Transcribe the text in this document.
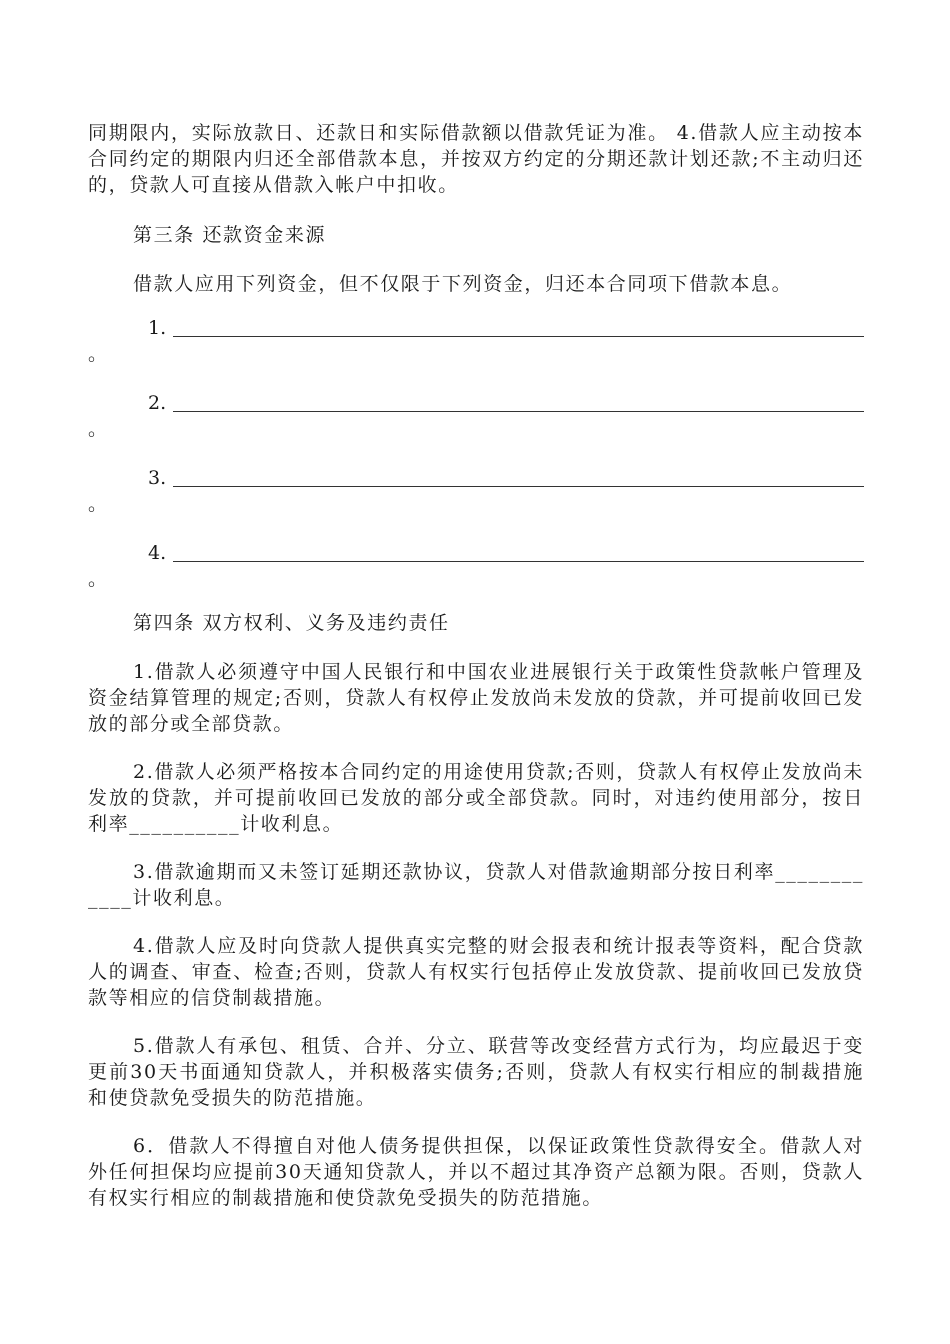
同期限内，实际放款日、还款日和实际借款额以借款凭证为准。 4.借款人应主动按本合同约定的期限内归还全部借款本息，并按双方约定的分期还款计划还款;不主动归还的，贷款人可直接从借款入帐户中扣收。

第三条 还款资金来源

借款人应用下列资金，但不仅限于下列资金，归还本合同项下借款本息。

1.
。
2.
。
3.
。
4.
。

第四条 双方权利、义务及违约责任

1.借款人必须遵守中国人民银行和中国农业进展银行关于政策性贷款帐户管理及资金结算管理的规定;否则，贷款人有权停止发放尚未发放的贷款，并可提前收回已发放的部分或全部贷款。

2.借款人必须严格按本合同约定的用途使用贷款;否则，贷款人有权停止发放尚未发放的贷款，并可提前收回已发放的部分或全部贷款。同时，对违约使用部分，按日利率__________计收利息。

3.借款逾期而又未签订延期还款协议，贷款人对借款逾期部分按日利率____________计收利息。

4.借款人应及时向贷款人提供真实完整的财会报表和统计报表等资料，配合贷款人的调查、审查、检查;否则，贷款人有权实行包括停止发放贷款、提前收回已发放贷款等相应的信贷制裁措施。

5.借款人有承包、租赁、合并、分立、联营等改变经营方式行为，均应最迟于变更前30天书面通知贷款人，并积极落实债务;否则，贷款人有权实行相应的制裁措施和使贷款免受损失的防范措施。

6．借款人不得擅自对他人债务提供担保，以保证政策性贷款得安全。借款人对外任何担保均应提前30天通知贷款人，并以不超过其净资产总额为限。否则，贷款人有权实行相应的制裁措施和使贷款免受损失的防范措施。
